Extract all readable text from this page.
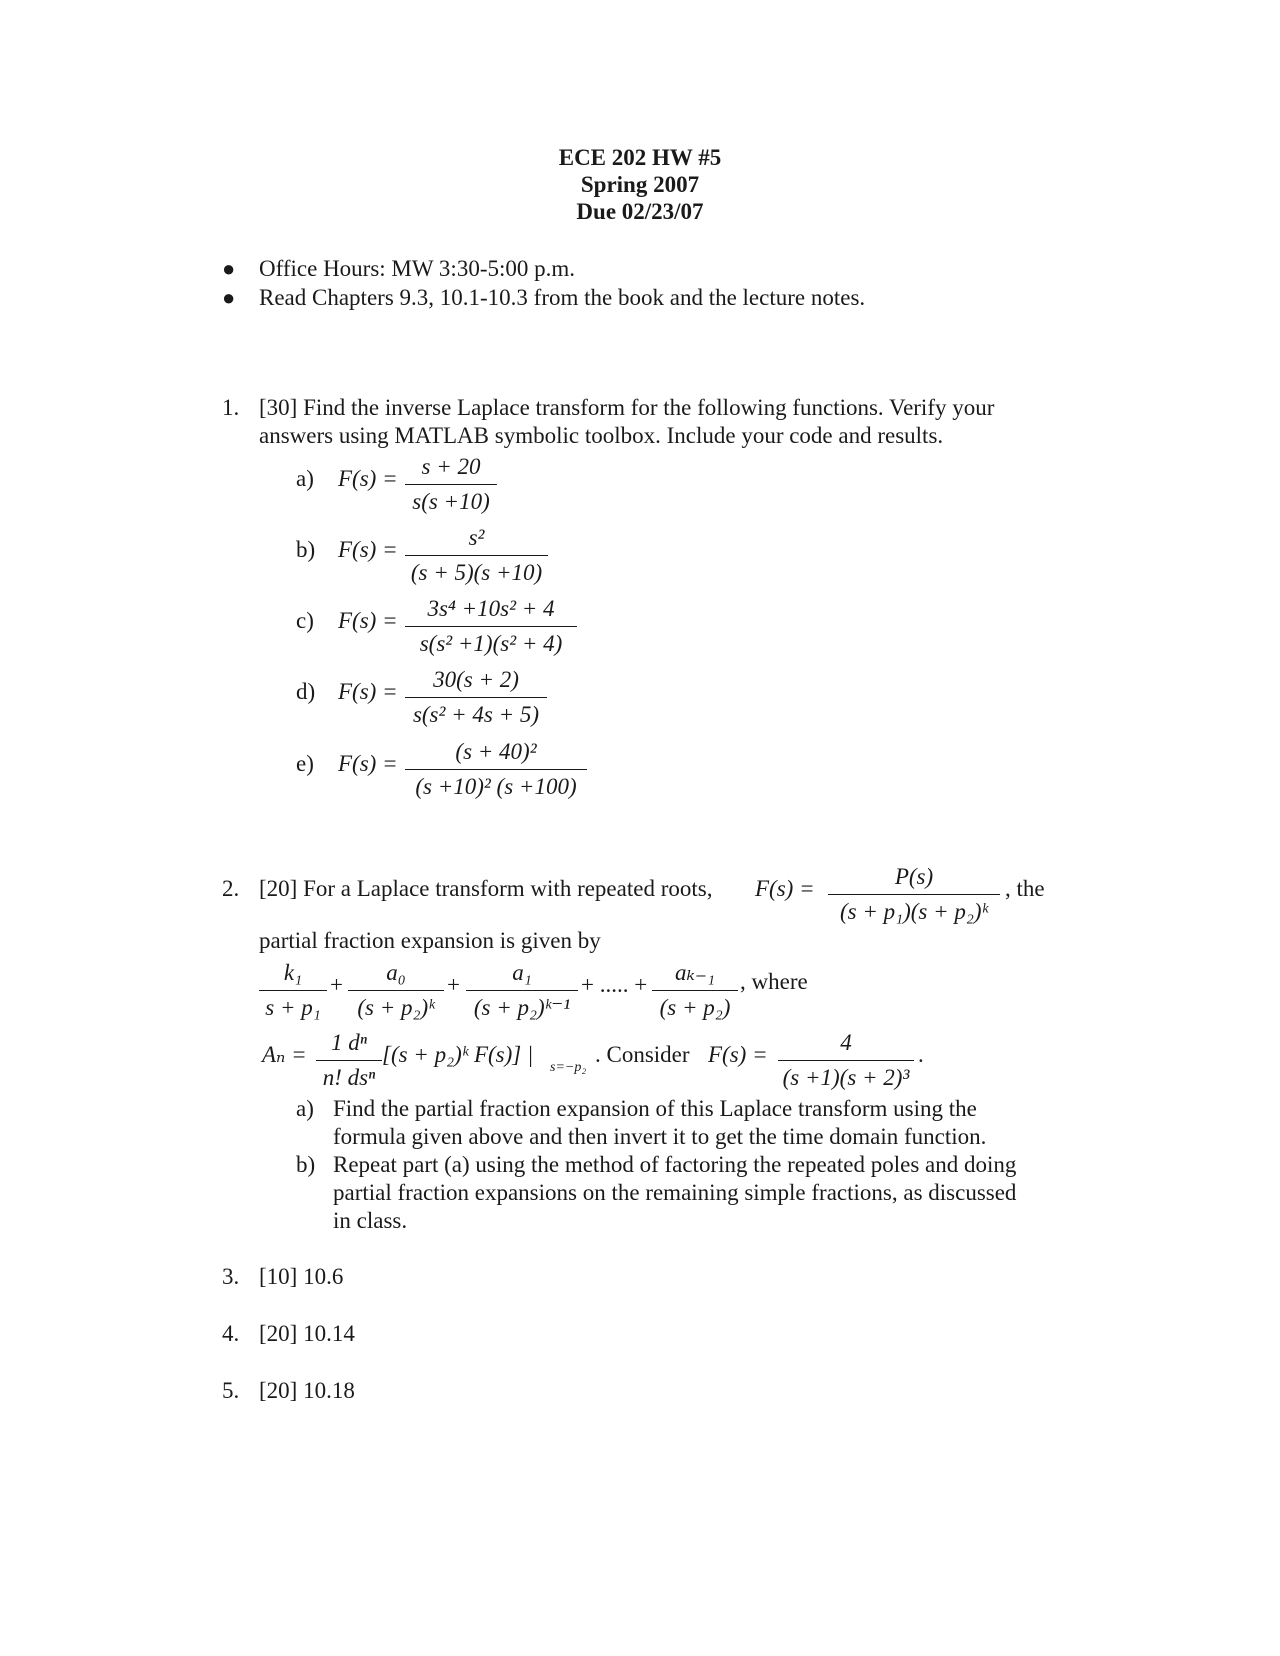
ECE 202 HW #5
Spring 2007
Due 02/23/07
● Office Hours: MW 3:30-5:00 p.m.
● Read Chapters 9.3, 10.1-10.3 from the book and the lecture notes.
1. [30] Find the inverse Laplace transform for the following functions. Verify your
answers using MATLAB symbolic toolbox. Include your code and results.
a) F(s) =	s + 20
s(s +10)
b) F(s) =	s²
(s + 5)(s +10)
c) F(s) =	3s⁴ +10s² + 4
s(s² +1)(s² + 4)
d) F(s) =	30(s + 2)
s(s² + 4s + 5)
e) F(s) =	(s + 40)²
(s +10)² (s +100)
2. [20] For a Laplace transform with repeated roots, F(s) =	P(s)
(s + p₁)(s + p₂)ᵏ
, the
partial fraction expansion is given by
k₁
s + p₁
+	a₀
(s + p₂)ᵏ
+	a₁
(s + p₂)ᵏ⁻¹
+ ..... +	aₖ₋₁
(s + p₂)
, where
Aₙ =	1 dⁿ
n! dsⁿ
[(s + p₂)ᵏ F(s)] |
s=−p₂
. Consider F(s) =	4
(s +1)(s + 2)³
.
a) Find the partial fraction expansion of this Laplace transform using the
formula given above and then invert it to get the time domain function.
b) Repeat part (a) using the method of factoring the repeated poles and doing
partial fraction expansions on the remaining simple fractions, as discussed
in class.
3. [10] 10.6
4. [20] 10.14
5. [20] 10.18
